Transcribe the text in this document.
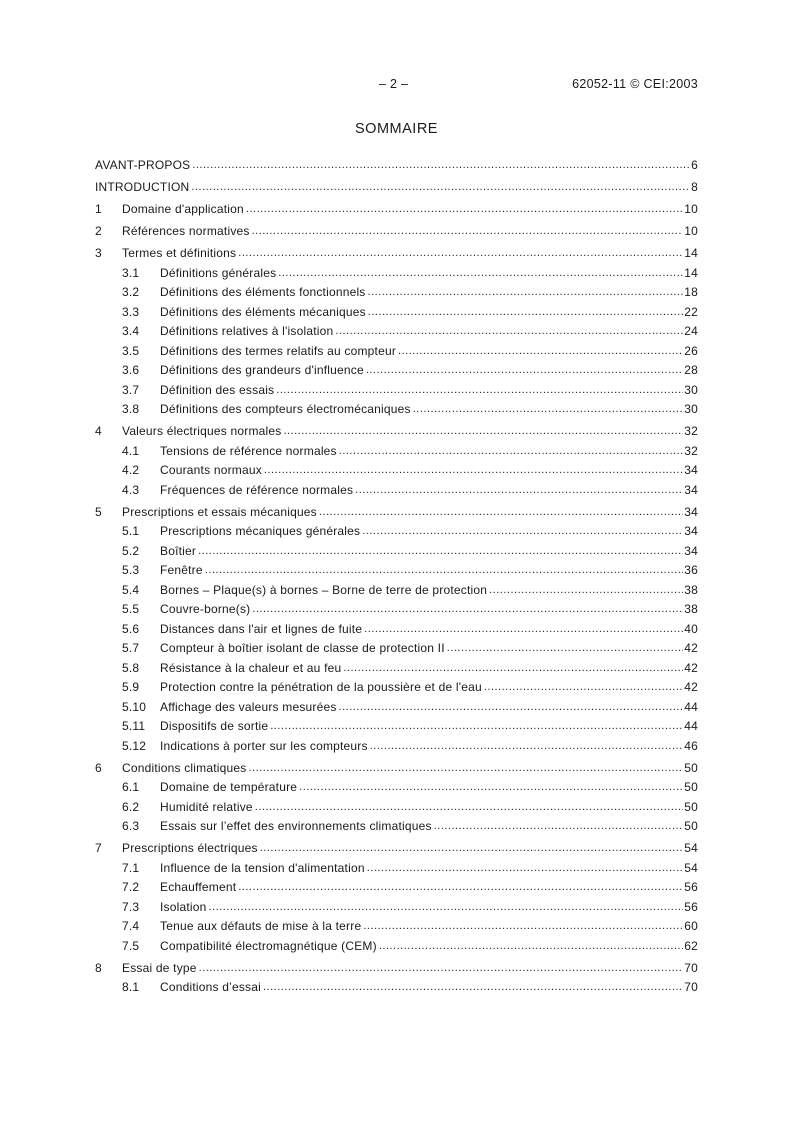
– 2 –	62052-11 © CEI:2003
SOMMAIRE
AVANT-PROPOS .....	6
INTRODUCTION .....	8
1	Domaine d'application .....	10
2	Références normatives .....	10
3	Termes et définitions .....	14
3.1	Définitions générales .....	14
3.2	Définitions des éléments fonctionnels .....	18
3.3	Définitions des éléments mécaniques .....	22
3.4	Définitions relatives à l'isolation .....	24
3.5	Définitions des termes relatifs au compteur .....	26
3.6	Définitions des grandeurs d'influence .....	28
3.7	Définition des essais .....	30
3.8	Définitions des compteurs électromécaniques .....	30
4	Valeurs électriques normales .....	32
4.1	Tensions de référence normales .....	32
4.2	Courants normaux .....	34
4.3	Fréquences de référence normales .....	34
5	Prescriptions et essais mécaniques .....	34
5.1	Prescriptions mécaniques générales .....	34
5.2	Boîtier .....	34
5.3	Fenêtre .....	36
5.4	Bornes – Plaque(s) à bornes – Borne de terre de protection .....	38
5.5	Couvre-borne(s) .....	38
5.6	Distances dans l'air et lignes de fuite .....	40
5.7	Compteur à boîtier isolant de classe de protection II .....	42
5.8	Résistance à la chaleur et au feu .....	42
5.9	Protection contre la pénétration de la poussière et de l'eau .....	42
5.10	Affichage des valeurs mesurées .....	44
5.11	Dispositifs de sortie .....	44
5.12	Indications à porter sur les compteurs .....	46
6	Conditions climatiques .....	50
6.1	Domaine de température .....	50
6.2	Humidité relative .....	50
6.3	Essais sur l’effet des environnements climatiques .....	50
7	Prescriptions électriques .....	54
7.1	Influence de la tension d'alimentation .....	54
7.2	Echauffement .....	56
7.3	Isolation .....	56
7.4	Tenue aux défauts de mise à la terre .....	60
7.5	Compatibilité électromagnétique (CEM) .....	62
8	Essai de type .....	70
8.1	Conditions d’essai .....	70
